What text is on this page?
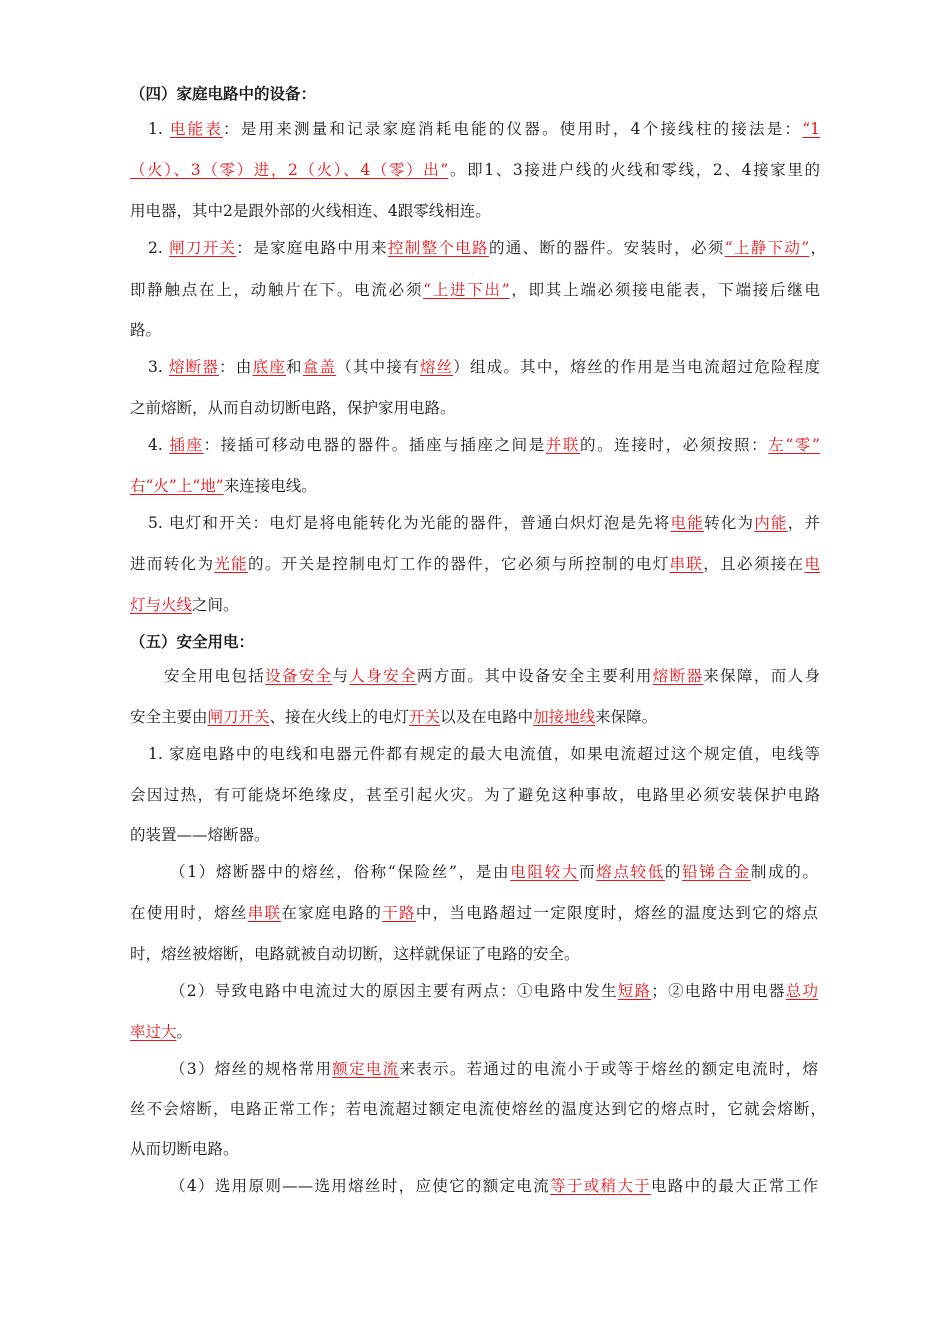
（四）家庭电路中的设备：
1. 电能表：是用来测量和记录家庭消耗电能的仪器。使用时，4个接线柱的接法是：“1
（火）、3（零）进，2（火）、4（零）出”。即1、3接进户线的火线和零线，2、4接家里的
用电器，其中2是跟外部的火线相连、4跟零线相连。
2. 闸刀开关：是家庭电路中用来控制整个电路的通、断的器件。安装时，必须“上静下动”，
即静触点在上，动触片在下。电流必须“上进下出”，即其上端必须接电能表，下端接后继电
路。
3. 熔断器：由底座和盒盖（其中接有熔丝）组成。其中，熔丝的作用是当电流超过危险程度
之前熔断，从而自动切断电路，保护家用电路。
4. 插座：接插可移动电器的器件。插座与插座之间是并联的。连接时，必须按照：左“零”
右“火”上“地”来连接电线。
5. 电灯和开关：电灯是将电能转化为光能的器件，普通白炽灯泡是先将电能转化为内能，并
进而转化为光能的。开关是控制电灯工作的器件，它必须与所控制的电灯串联，且必须接在电
灯与火线之间。
（五）安全用电：
安全用电包括设备安全与人身安全两方面。其中设备安全主要利用熔断器来保障，而人身
安全主要由闸刀开关、接在火线上的电灯开关以及在电路中加接地线来保障。
1. 家庭电路中的电线和电器元件都有规定的最大电流值，如果电流超过这个规定值，电线等
会因过热，有可能烧坏绝缘皮，甚至引起火灾。为了避免这种事故，电路里必须安装保护电路
的装置——熔断器。
（1）熔断器中的熔丝，俗称“保险丝”，是由电阻较大而熔点较低的铅锑合金制成的。
在使用时，熔丝串联在家庭电路的干路中，当电路超过一定限度时，熔丝的温度达到它的熔点
时，熔丝被熔断，电路就被自动切断，这样就保证了电路的安全。
（2）导致电路中电流过大的原因主要有两点：①电路中发生短路；②电路中用电器总功
率过大。
（3）熔丝的规格常用额定电流来表示。若通过的电流小于或等于熔丝的额定电流时，熔
丝不会熔断，电路正常工作；若电流超过额定电流使熔丝的温度达到它的熔点时，它就会熔断，
从而切断电路。
（4）选用原则——选用熔丝时，应使它的额定电流等于或稍大于电路中的最大正常工作
